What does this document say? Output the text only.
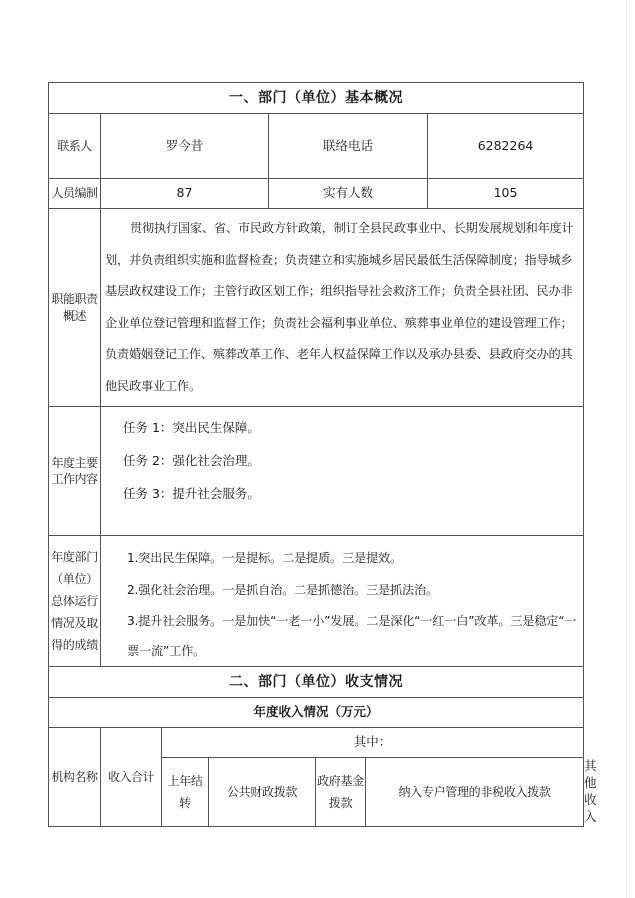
一、部门（单位）基本概况								
联系人	罗今昔			联络电话			6282264	
人员编制	87			实有人数			105	
职能职责概述	贯彻执行国家、省、市民政方针政策，制订全县民政事业中、长期发展规划和年度计划，并负责组织实施和监督检查；负责建立和实施城乡居民最低生活保障制度；指导城乡基层政权建设工作；主管行政区划工作；组织指导社会救济工作；负责全县社团、民办非企业单位登记管理和监督工作；负责社会福利事业单位、殡葬事业单位的建设管理工作；负责婚姻登记工作、殡葬改革工作、老年人权益保障工作以及承办县委、县政府交办的其他民政事业工作。							
年度主要工作内容	任务 1：突出民生保障。
任务 2：强化社会治理。
任务 3：提升社会服务。							

年度部门（单位）总体运行情况及取得的成绩	1.突出民生保障。一是提标。二是提质。三是提效。
2.强化社会治理。一是抓自治。二是抓德治。三是抓法治。
3.提升社会服务。一是加快“一老一小”发展。二是深化“一红一白”改革。三是稳定“一票一流”工作。							

二、部门（单位）收支情况								
年度收入情况（万元）								
机构名称	收入合计	其中：						
		上年结转	公共财政拨款		政府基金拨款	纳入专户管理的非税收入拨款		其他收入
